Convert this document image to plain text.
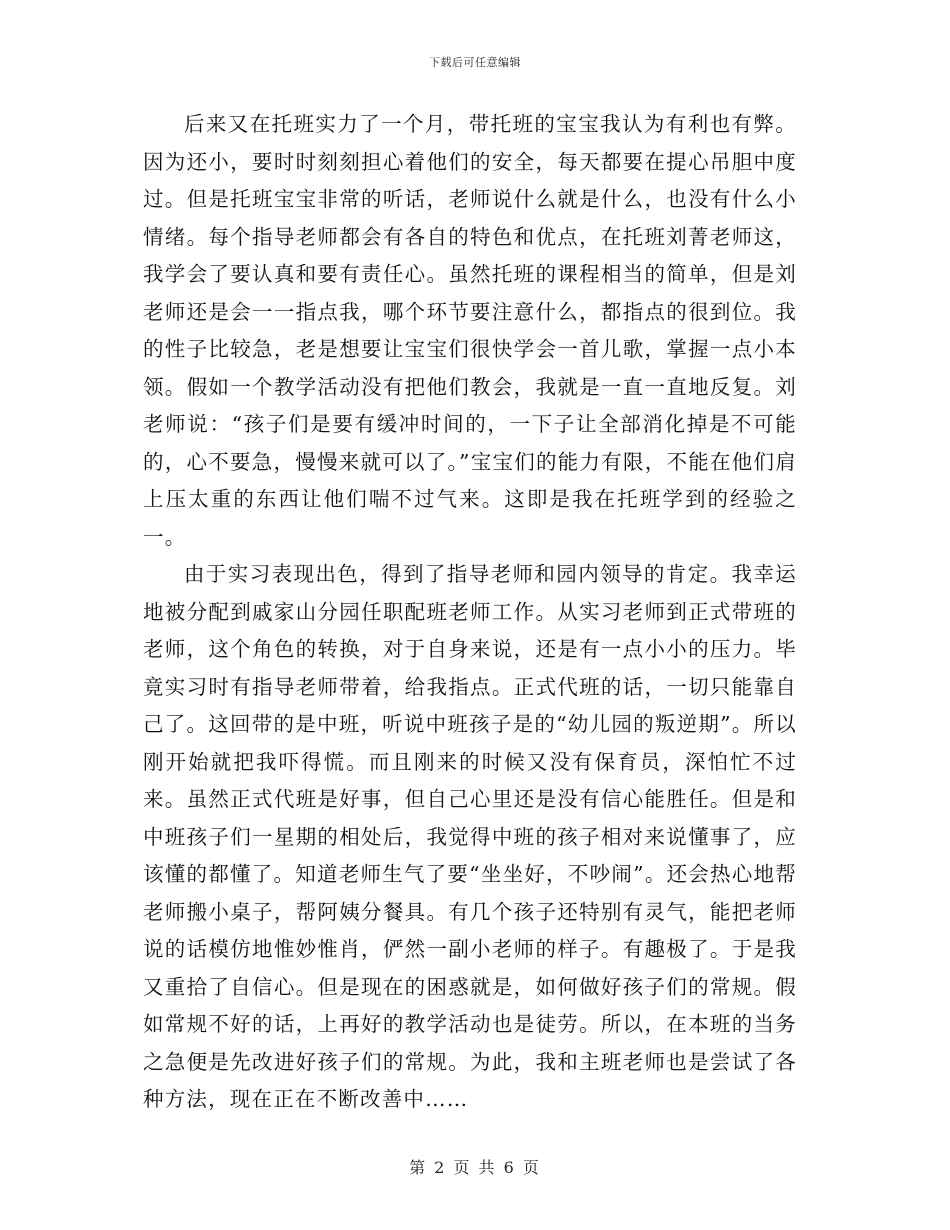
下载后可任意编辑

后来又在托班实力了一个月，带托班的宝宝我认为有利也有弊。因为还小，要时时刻刻担心着他们的安全，每天都要在提心吊胆中度过。但是托班宝宝非常的听话，老师说什么就是什么，也没有什么小情绪。每个指导老师都会有各自的特色和优点，在托班刘菁老师这，我学会了要认真和要有责任心。虽然托班的课程相当的简单，但是刘老师还是会一一指点我，哪个环节要注意什么，都指点的很到位。我的性子比较急，老是想要让宝宝们很快学会一首儿歌，掌握一点小本领。假如一个教学活动没有把他们教会，我就是一直一直地反复。刘老师说：“孩子们是要有缓冲时间的，一下子让全部消化掉是不可能的，心不要急，慢慢来就可以了。”宝宝们的能力有限，不能在他们肩上压太重的东西让他们喘不过气来。这即是我在托班学到的经验之一。

由于实习表现出色，得到了指导老师和园内领导的肯定。我幸运地被分配到戚家山分园任职配班老师工作。从实习老师到正式带班的老师，这个角色的转换，对于自身来说，还是有一点小小的压力。毕竟实习时有指导老师带着，给我指点。正式代班的话，一切只能靠自己了。这回带的是中班，听说中班孩子是的“幼儿园的叛逆期”。所以刚开始就把我吓得慌。而且刚来的时候又没有保育员，深怕忙不过来。虽然正式代班是好事，但自己心里还是没有信心能胜任。但是和中班孩子们一星期的相处后，我觉得中班的孩子相对来说懂事了，应该懂的都懂了。知道老师生气了要“坐坐好，不吵闹”。还会热心地帮老师搬小桌子，帮阿姨分餐具。有几个孩子还特别有灵气，能把老师说的话模仿地惟妙惟肖，俨然一副小老师的样子。有趣极了。于是我又重拾了自信心。但是现在的困惑就是，如何做好孩子们的常规。假如常规不好的话，上再好的教学活动也是徒劳。所以，在本班的当务之急便是先改进好孩子们的常规。为此，我和主班老师也是尝试了各种方法，现在正在不断改善中……

第 2 页 共 6 页
